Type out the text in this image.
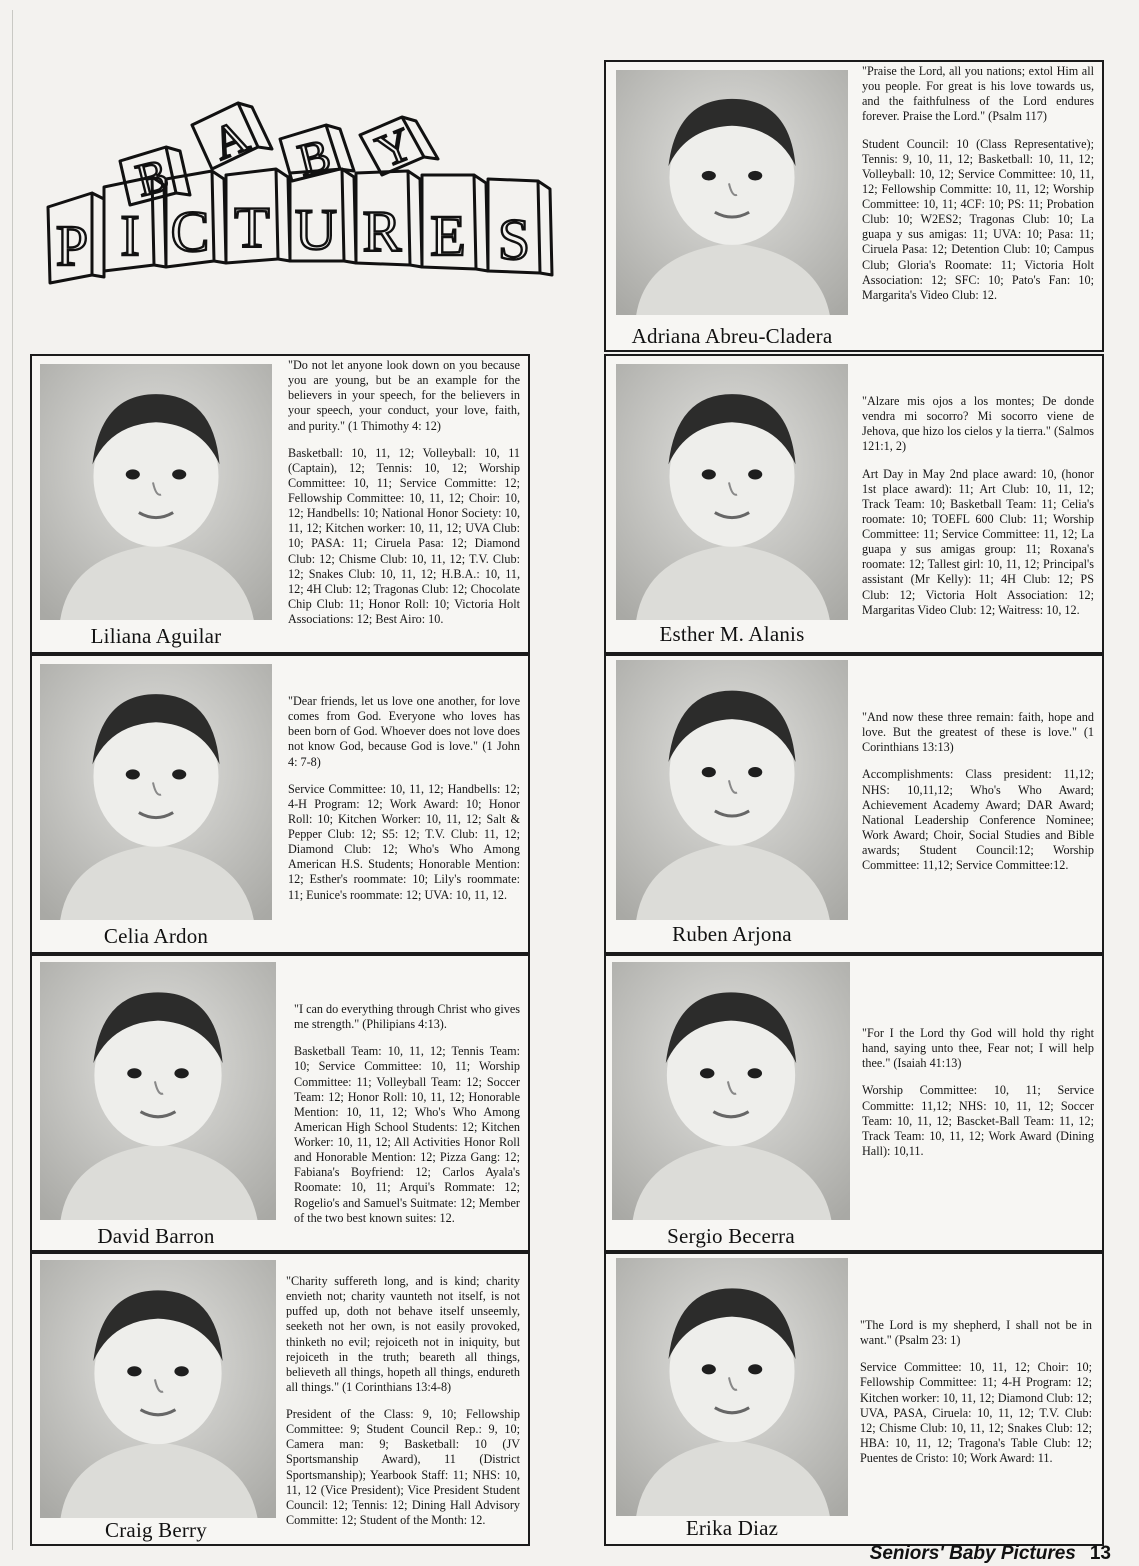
B
A B Y
P I C T U R E S
Adriana Abreu-Cladera

"Praise the Lord, all you nations; extol Him all you people. For great is his love towards us, and the faithfulness of the Lord endures forever. Praise the Lord." (Psalm 117)

Student Council: 10 (Class Representative); Tennis: 9, 10, 11, 12; Basketball: 10, 11, 12; Volleyball: 10, 12; Service Committee: 10, 11, 12; Fellowship Committe: 10, 11, 12; Worship Committee: 10, 11; 4CF: 10; PS: 11; Probation Club: 10; W2ES2; Tragonas Club: 10; La guapa y sus amigas: 11; UVA: 10; Pasa: 11; Ciruela Pasa: 12; Detention Club: 10; Campus Club; Gloria's Roomate: 11; Victoria Holt Association: 12; SFC: 10; Pato's Fan: 10; Margarita's Video Club: 12.

Liliana Aguilar

"Do not let anyone look down on you because you are young, but be an example for the believers in your speech, for the believers in your speech, your conduct, your love, faith, and purity." (1 Thimothy 4: 12)

Basketball: 10, 11, 12; Volleyball: 10, 11 (Captain), 12; Tennis: 10, 12; Worship Committee: 10, 11; Service Committe: 12; Fellowship Committee: 10, 11, 12; Choir: 10, 12; Handbells: 10; National Honor Society: 10, 11, 12; Kitchen worker: 10, 11, 12; UVA Club: 10; PASA: 11; Ciruela Pasa: 12; Diamond Club: 12; Chisme Club: 10, 11, 12; T.V. Club: 12; Snakes Club: 10, 11, 12; H.B.A.: 10, 11, 12; 4H Club: 12; Tragonas Club: 12; Chocolate Chip Club: 11; Honor Roll: 10; Victoria Holt Associations: 12; Best Airo: 10.

Esther M. Alanis

"Alzare mis ojos a los montes; De donde vendra mi socorro? Mi socorro viene de Jehova, que hizo los cielos y la tierra." (Salmos 121:1, 2)

Art Day in May 2nd place award: 10, (honor 1st place award): 11; Art Club: 10, 11, 12; Track Team: 10; Basketball Team: 11; Celia's roomate: 10; TOEFL 600 Club: 11; Worship Committee: 11; Service Committee: 11, 12; La guapa y sus amigas group: 11; Roxana's roomate: 12; Tallest girl: 10, 11, 12; Principal's assistant (Mr Kelly): 11; 4H Club: 12; PS Club: 12; Victoria Holt Association: 12; Margaritas Video Club: 12; Waitress: 10, 12.

Celia Ardon

"Dear friends, let us love one another, for love comes from God. Everyone who loves has been born of God. Whoever does not love does not know God, because God is love." (1 John 4: 7-8)

Service Committee: 10, 11, 12; Handbells: 12; 4-H Program: 12; Work Award: 10; Honor Roll: 10; Kitchen Worker: 10, 11, 12; Salt & Pepper Club: 12; S5: 12; T.V. Club: 11, 12; Diamond Club: 12; Who's Who Among American H.S. Students; Honorable Mention: 12; Esther's roommate: 10; Lily's roommate: 11; Eunice's roommate: 12; UVA: 10, 11, 12.

Ruben Arjona

"And now these three remain: faith, hope and love. But the greatest of these is love." (1 Corinthians 13:13)

Accomplishments: Class president: 11,12; NHS: 10,11,12; Who's Who Award; Achievement Academy Award; DAR Award; National Leadership Conference Nominee; Work Award; Choir, Social Studies and Bible awards; Student Council:12; Worship Committee: 11,12; Service Committee:12.

David Barron

"I can do everything through Christ who gives me strength." (Philipians 4:13).

Basketball Team: 10, 11, 12; Tennis Team: 10; Service Committee: 10, 11; Worship Committee: 11; Volleyball Team: 12; Soccer Team: 12; Honor Roll: 10, 11, 12; Honorable Mention: 10, 11, 12; Who's Who Among American High School Students: 12; Kitchen Worker: 10, 11, 12; All Activities Honor Roll and Honorable Mention: 12; Pizza Gang: 12; Fabiana's Boyfriend: 12; Carlos Ayala's Roomate: 10, 11; Arqui's Rommate: 12; Rogelio's and Samuel's Suitmate: 12; Member of the two best known suites: 12.

Sergio Becerra

"For I the Lord thy God will hold thy right hand, saying unto thee, Fear not; I will help thee." (Isaiah 41:13)

Worship Committee: 10, 11; Service Committe: 11,12; NHS: 10, 11, 12; Soccer Team: 10, 11, 12; Bascket-Ball Team: 11, 12; Track Team: 10, 11, 12; Work Award (Dining Hall): 10,11.

Craig Berry

"Charity suffereth long, and is kind; charity envieth not; charity vaunteth not itself, is not puffed up, doth not behave itself unseemly, seeketh not her own, is not easily provoked, thinketh no evil; rejoiceth not in iniquity, but rejoiceth in the truth; beareth all things, believeth all things, hopeth all things, endureth all things." (1 Corinthians 13:4-8)

President of the Class: 9, 10; Fellowship Committee: 9; Student Council Rep.: 9, 10; Camera man: 9; Basketball: 10 (JV Sportsmanship Award), 11 (District Sportsmanship); Yearbook Staff: 11; NHS: 10, 11, 12 (Vice President); Vice President Student Council: 12; Tennis: 12; Dining Hall Advisory Committe: 12; Student of the Month: 12.	Erika Diaz

"The Lord is my shepherd, I shall not be in want." (Psalm 23: 1)

Service Committee: 10, 11, 12; Choir: 10; Fellowship Committee: 11; 4-H Program: 12; Kitchen worker: 10, 11, 12; Diamond Club: 12; UVA, PASA, Ciruela: 10, 11, 12; T.V. Club: 12; Chisme Club: 10, 11, 12; Snakes Club: 12; HBA: 10, 11, 12; Tragona's Table Club: 12; Puentes de Cristo: 10; Work Award: 11.

Seniors' Baby Pictures 13
